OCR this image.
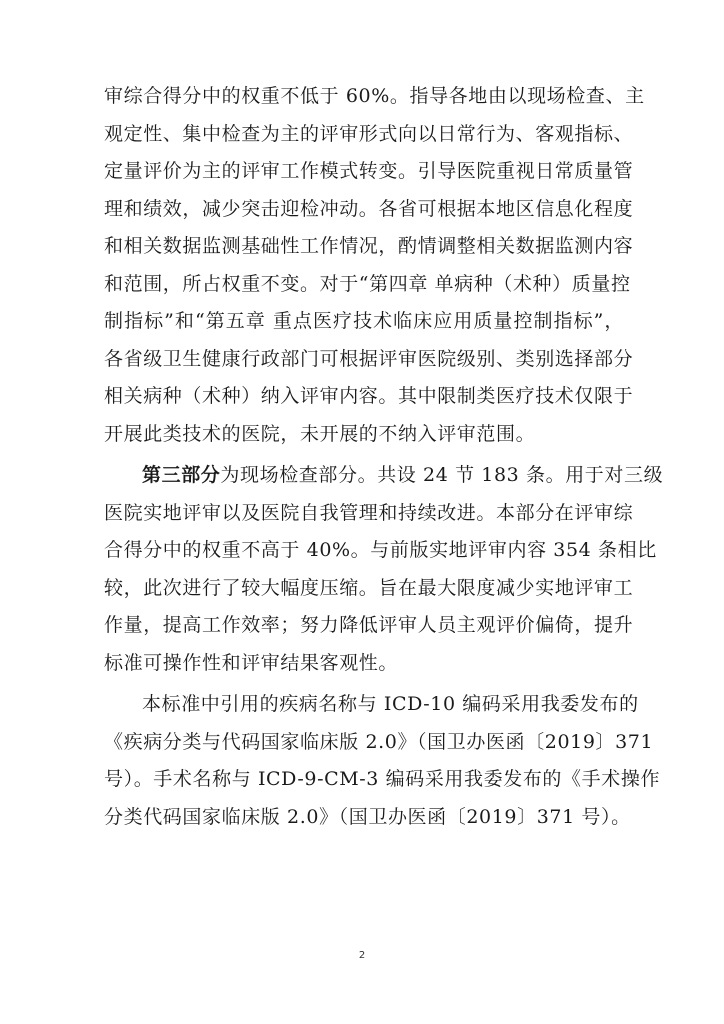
审综合得分中的权重不低于 60%。指导各地由以现场检查、主
观定性、集中检查为主的评审形式向以日常行为、客观指标、
定量评价为主的评审工作模式转变。引导医院重视日常质量管
理和绩效，减少突击迎检冲动。各省可根据本地区信息化程度
和相关数据监测基础性工作情况，酌情调整相关数据监测内容
和范围，所占权重不变。对于“第四章 单病种（术种）质量控
制指标”和“第五章 重点医疗技术临床应用质量控制指标”，
各省级卫生健康行政部门可根据评审医院级别、类别选择部分
相关病种（术种）纳入评审内容。其中限制类医疗技术仅限于
开展此类技术的医院，未开展的不纳入评审范围。
第三部分为现场检查部分。共设 24 节 183 条。用于对三级
医院实地评审以及医院自我管理和持续改进。本部分在评审综
合得分中的权重不高于 40%。与前版实地评审内容 354 条相比
较，此次进行了较大幅度压缩。旨在最大限度减少实地评审工
作量，提高工作效率；努力降低评审人员主观评价偏倚，提升
标准可操作性和评审结果客观性。
本标准中引用的疾病名称与 ICD-10 编码采用我委发布的
《疾病分类与代码国家临床版 2.0》（国卫办医函〔2019〕371
号）。手术名称与 ICD-9-CM-3 编码采用我委发布的《手术操作
分类代码国家临床版 2.0》（国卫办医函〔2019〕371 号）。
2
